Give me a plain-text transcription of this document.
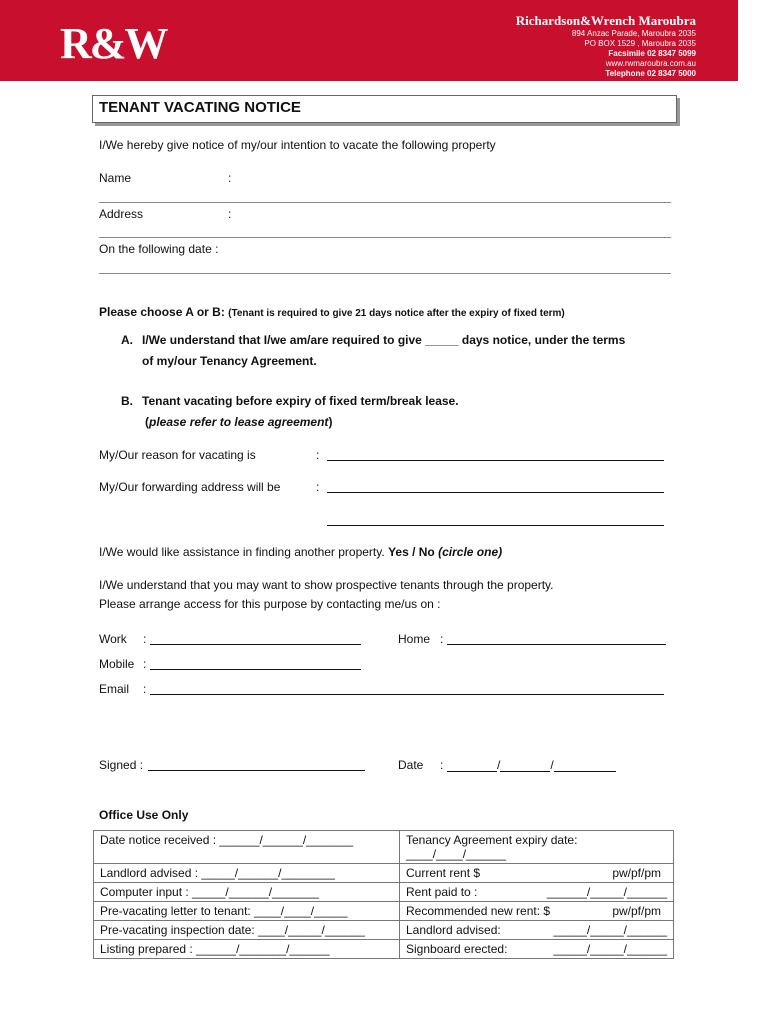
R&W	Richardson&Wrench Maroubra
894 Anzac Parade, Maroubra 2035
PO BOX 1529 , Maroubra 2035
Facsimile 02 8347 5099
www.rwmaroubra.com.au
Telephone 02 8347 5000
TENANT VACATING NOTICE
I/We hereby give notice of my/our intention to vacate the following property
Name	:
Address	:
On the following date :
Please choose A or B: (Tenant is required to give 21 days notice after the expiry of fixed term)
A. I/We understand that I/we am/are required to give _____ days notice, under the terms
of my/our Tenancy Agreement.
B. Tenant vacating before expiry of fixed term/break lease.
(please refer to lease agreement)
My/Our reason for vacating is	:
My/Our forwarding address will be	:
I/We would like assistance in finding another property. Yes / No (circle one)
I/We understand that you may want to show prospective tenants through the property.
Please arrange access for this purpose by contacting me/us on :
Work :	Home :
Mobile :
Email :
Signed :	Date :	/	/
Office Use Only
Date notice received : ______/______/_______	Tenancy Agreement expiry date:
____/____/______

Landlord advised : _____/______/________	Current rent $ pw/pf/pm

Computer input : _____/______/_______	Rent paid to : ______/_____/______

Pre-vacating letter to tenant: ____/____/_____	Recommended new rent: $ pw/pf/pm

Pre-vacating inspection date: ____/_____/______	Landlord advised: _____/_____/______

Listing prepared : ______/_______/______	Signboard erected: _____/_____/______
